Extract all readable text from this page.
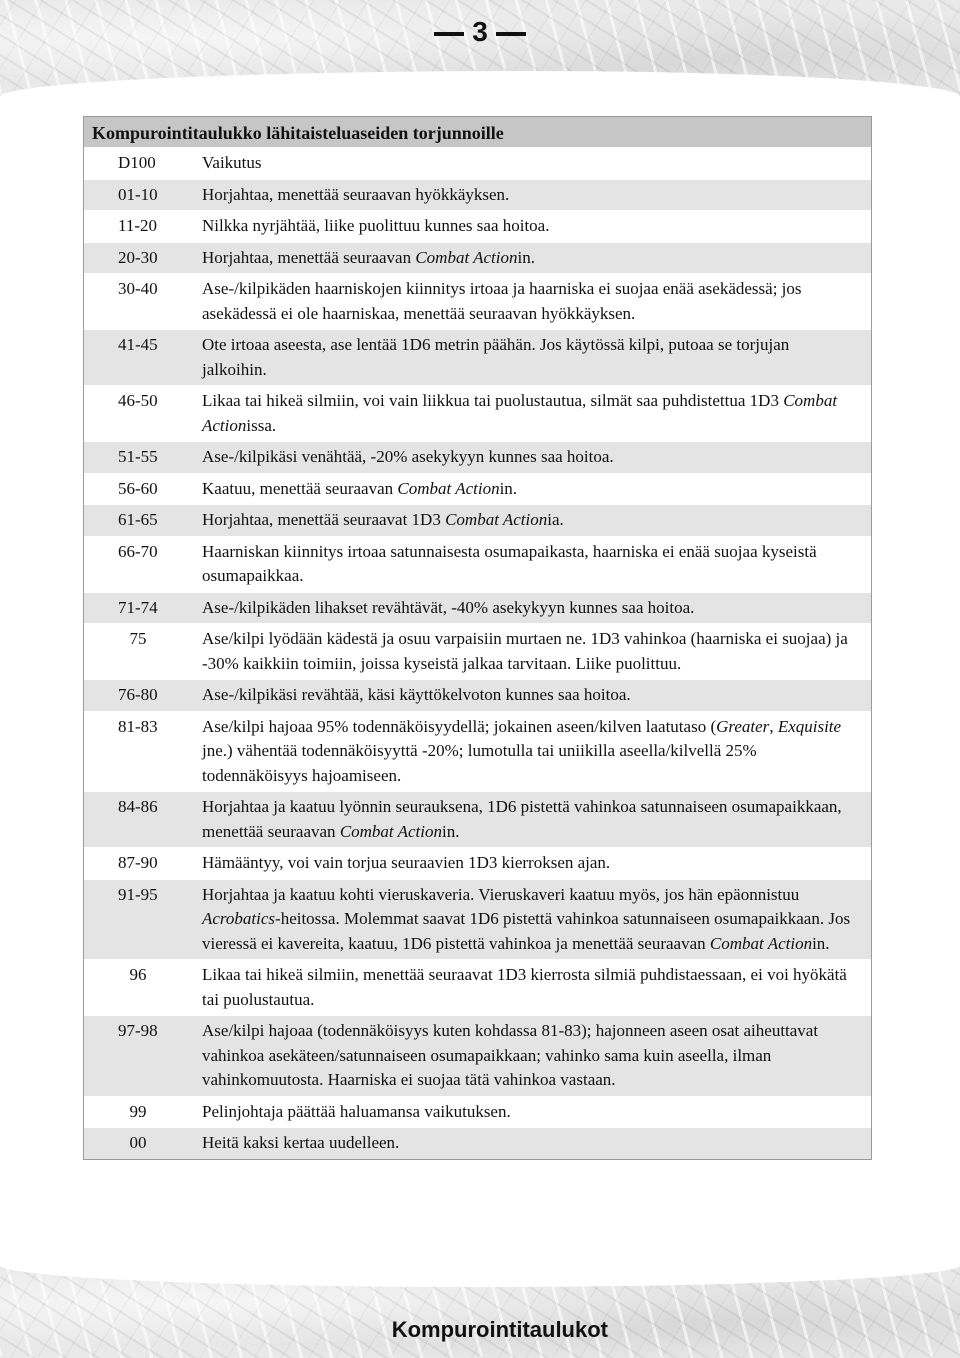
3
Kompurointitaulukko lähitaisteluaseiden torjunnoille
D100	Vaikutus
01-10	Horjahtaa, menettää seuraavan hyökkäyksen.
11-20	Nilkka nyrjähtää, liike puolittuu kunnes saa hoitoa.
20-30	Horjahtaa, menettää seuraavan Combat Actionin.
30-40	Ase-/kilpikäden haarniskojen kiinnitys irtoaa ja haarniska ei suojaa enää asekädessä; jos asekädessä ei ole haarniskaa, menettää seuraavan hyökkäyksen.
41-45	Ote irtoaa aseesta, ase lentää 1D6 metrin päähän. Jos käytössä kilpi, putoaa se torjujan jalkoihin.
46-50	Likaa tai hikeä silmiin, voi vain liikkua tai puolustautua, silmät saa puhdistettua 1D3 Combat Actionissa.
51-55	Ase-/kilpikäsi venähtää, -20% asekykyyn kunnes saa hoitoa.
56-60	Kaatuu, menettää seuraavan Combat Actionin.
61-65	Horjahtaa, menettää seuraavat 1D3 Combat Actionia.
66-70	Haarniskan kiinnitys irtoaa satunnaisesta osumapaikasta, haarniska ei enää suojaa kyseistä osumapaikkaa.
71-74	Ase-/kilpikäden lihakset revähtävät, -40% asekykyyn kunnes saa hoitoa.
75	Ase/kilpi lyödään kädestä ja osuu varpaisiin murtaen ne. 1D3 vahinkoa (haarniska ei suojaa) ja -30% kaikkiin toimiin, joissa kyseistä jalkaa tarvitaan. Liike puolittuu.
76-80	Ase-/kilpikäsi revähtää, käsi käyttökelvoton kunnes saa hoitoa.
81-83	Ase/kilpi hajoaa 95% todennäköisyydellä; jokainen aseen/kilven laatutaso (Greater, Exquisite jne.) vähentää todennäköisyyttä -20%; lumotulla tai uniikilla aseella/kilvellä 25% todennäköisyys hajoamiseen.
84-86	Horjahtaa ja kaatuu lyönnin seurauksena, 1D6 pistettä vahinkoa satunnaiseen osumapaikkaan, menettää seuraavan Combat Actionin.
87-90	Hämääntyy, voi vain torjua seuraavien 1D3 kierroksen ajan.
91-95	Horjahtaa ja kaatuu kohti vieruskaveria. Vieruskaveri kaatuu myös, jos hän epäonnistuu Acrobatics-heitossa. Molemmat saavat 1D6 pistettä vahinkoa satunnaiseen osumapaikkaan. Jos vieressä ei kavereita, kaatuu, 1D6 pistettä vahinkoa ja menettää seuraavan Combat Actionin.
96	Likaa tai hikeä silmiin, menettää seuraavat 1D3 kierrosta silmiä puhdistaessaan, ei voi hyökätä tai puolustautua.
97-98	Ase/kilpi hajoaa (todennäköisyys kuten kohdassa 81-83); hajonneen aseen osat aiheuttavat vahinkoa asekäteen/satunnaiseen osumapaikkaan; vahinko sama kuin aseella, ilman vahinkomuutosta. Haarniska ei suojaa tätä vahinkoa vastaan.
99	Pelinjohtaja päättää haluamansa vaikutuksen.
00	Heitä kaksi kertaa uudelleen.
Kompurointitaulukot
